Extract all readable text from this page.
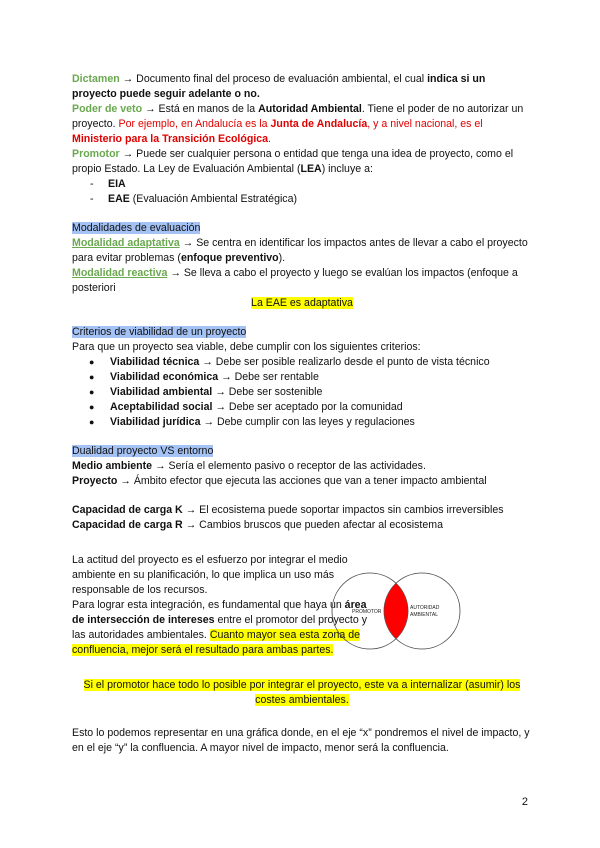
Dictamen → Documento final del proceso de evaluación ambiental, el cual indica si un proyecto puede seguir adelante o no.

Poder de veto → Está en manos de la Autoridad Ambiental. Tiene el poder de no autorizar un proyecto. Por ejemplo, en Andalucía es la Junta de Andalucía, y a nivel nacional, es el Ministerio para la Transición Ecológica.

Promotor → Puede ser cualquier persona o entidad que tenga una idea de proyecto, como el propio Estado. La Ley de Evaluación Ambiental (LEA) incluye a:

- EIA
- EAE (Evaluación Ambiental Estratégica)

Modalidades de evaluación

Modalidad adaptativa → Se centra en identificar los impactos antes de llevar a cabo el proyecto para evitar problemas (enfoque preventivo).

Modalidad reactiva → Se lleva a cabo el proyecto y luego se evalúan los impactos (enfoque a posteriori

La EAE es adaptativa

Criterios de viabilidad de un proyecto

Para que un proyecto sea viable, debe cumplir con los siguientes criterios:

● Viabilidad técnica → Debe ser posible realizarlo desde el punto de vista técnico
● Viabilidad económica → Debe ser rentable
● Viabilidad ambiental → Debe ser sostenible
● Aceptabilidad social → Debe ser aceptado por la comunidad
● Viabilidad jurídica → Debe cumplir con las leyes y regulaciones

Dualidad proyecto VS entorno

Medio ambiente → Sería el elemento pasivo o receptor de las actividades.

Proyecto → Ámbito efector que ejecuta las acciones que van a tener impacto ambiental

Capacidad de carga K → El ecosistema puede soportar impactos sin cambios irreversibles

Capacidad de carga R → Cambios bruscos que pueden afectar al ecosistema

La actitud del proyecto es el esfuerzo por integrar el medio ambiente en su planificación, lo que implica un uso más responsable de los recursos.

Para lograr esta integración, es fundamental que haya un área de intersección de intereses entre el promotor del proyecto y las autoridades ambientales. Cuanto mayor sea esta zona de confluencia, mejor será el resultado para ambas partes.

PROMOTOR
AUTORIDAD
AMBIENTAL

Si el promotor hace todo lo posible por integrar el proyecto, este va a internalizar (asumir) los costes ambientales.

Esto lo podemos representar en una gráfica donde, en el eje “x” pondremos el nivel de impacto, y en el eje “y” la confluencia. A mayor nivel de impacto, menor será la confluencia.

2
